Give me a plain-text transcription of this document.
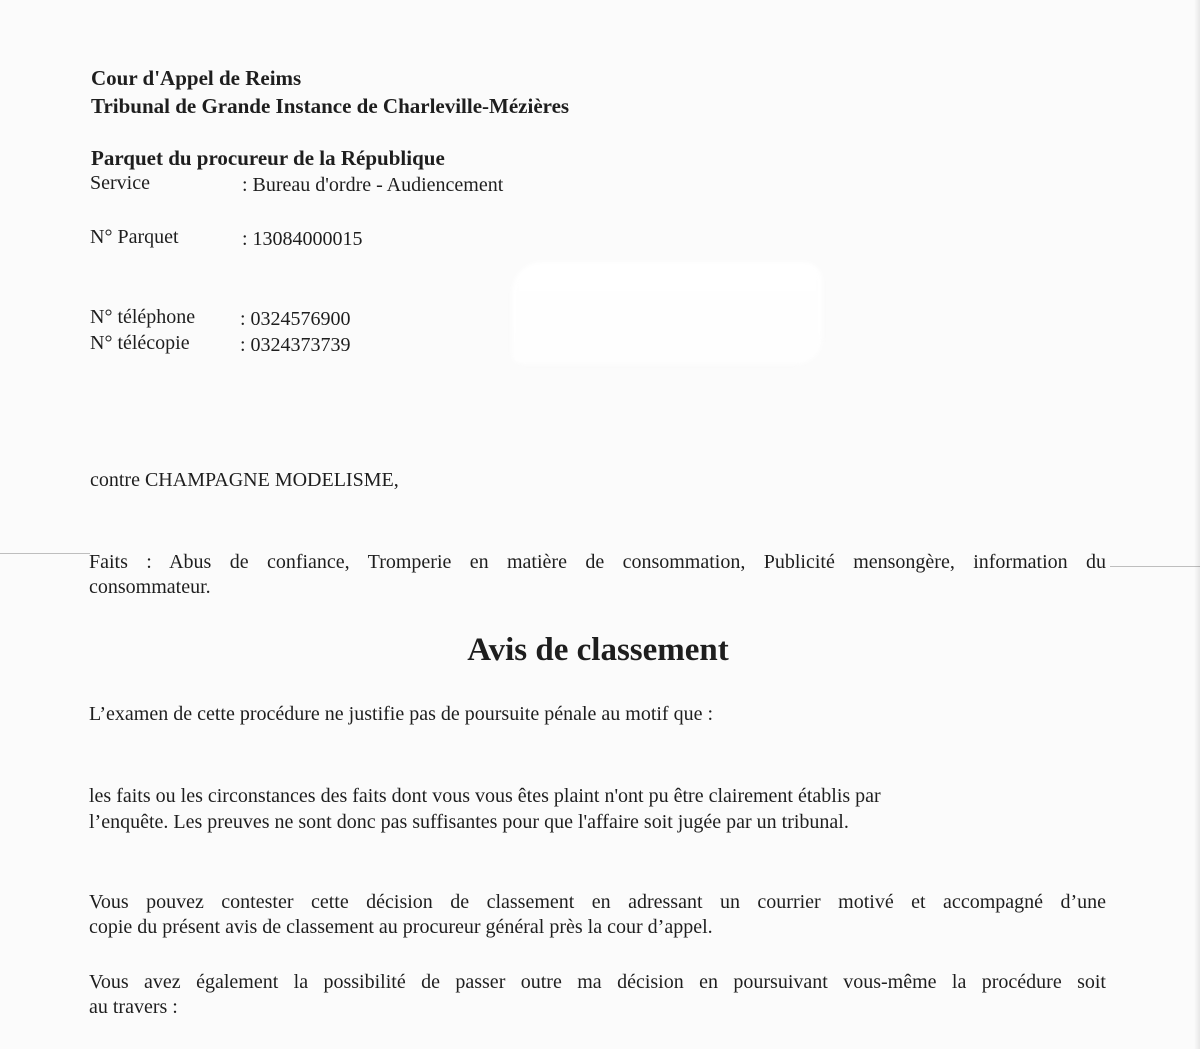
Cour d'Appel de Reims
Tribunal de Grande Instance de Charleville-Mézières
Parquet du procureur de la République
Service	: Bureau d'ordre - Audiencement
N° Parquet	: 13084000015
N° téléphone : 0324576900
N° télécopie	: 0324373739
contre CHAMPAGNE MODELISME,
Faits : Abus de confiance, Tromperie en matière de consommation, Publicité mensongère, information du
consommateur.
Avis de classement
L’examen de cette procédure ne justifie pas de poursuite pénale au motif que :
les faits ou les circonstances des faits dont vous vous êtes plaint n'ont pu être clairement établis par
l’enquête. Les preuves ne sont donc pas suffisantes pour que l'affaire soit jugée par un tribunal.
Vous pouvez contester cette décision de classement en adressant un courrier motivé et accompagné d’une
copie du présent avis de classement au procureur général près la cour d’appel.
Vous avez également la possibilité de passer outre ma décision en poursuivant vous-même la procédure soit
au travers :
